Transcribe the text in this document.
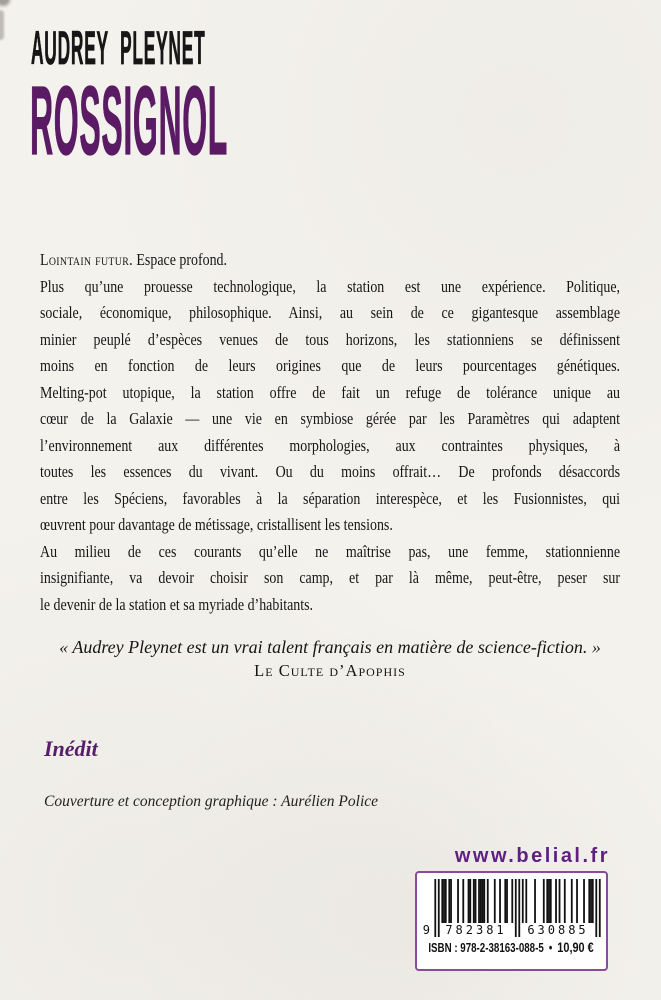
AUDREY PLEYNET
ROSSIGNOL
Lointain futur. Espace profond.
Plus qu’une prouesse technologique, la station est une expérience. Politique,
sociale, économique, philosophique. Ainsi, au sein de ce gigantesque assemblage
minier peuplé d’espèces venues de tous horizons, les stationniens se définissent
moins en fonction de leurs origines que de leurs pourcentages génétiques.
Melting-pot utopique, la station offre de fait un refuge de tolérance unique au
cœur de la Galaxie — une vie en symbiose gérée par les Paramètres qui adaptent
l’environnement aux différentes morphologies, aux contraintes physiques, à
toutes les essences du vivant. Ou du moins offrait… De profonds désaccords
entre les Spéciens, favorables à la séparation interespèce, et les Fusionnistes, qui
œuvrent pour davantage de métissage, cristallisent les tensions.
Au milieu de ces courants qu’elle ne maîtrise pas, une femme, stationnienne
insignifiante, va devoir choisir son camp, et par là même, peut-être, peser sur
le devenir de la station et sa myriade d’habitants.
« Audrey Pleynet est un vrai talent français en matière de science-fiction. »
Le Culte d’Apophis
Inédit
Couverture et conception graphique : Aurélien Police
www.belial.fr
9	782381	630885
ISBN : 978-2-38163-088-5 • 10,90 €
